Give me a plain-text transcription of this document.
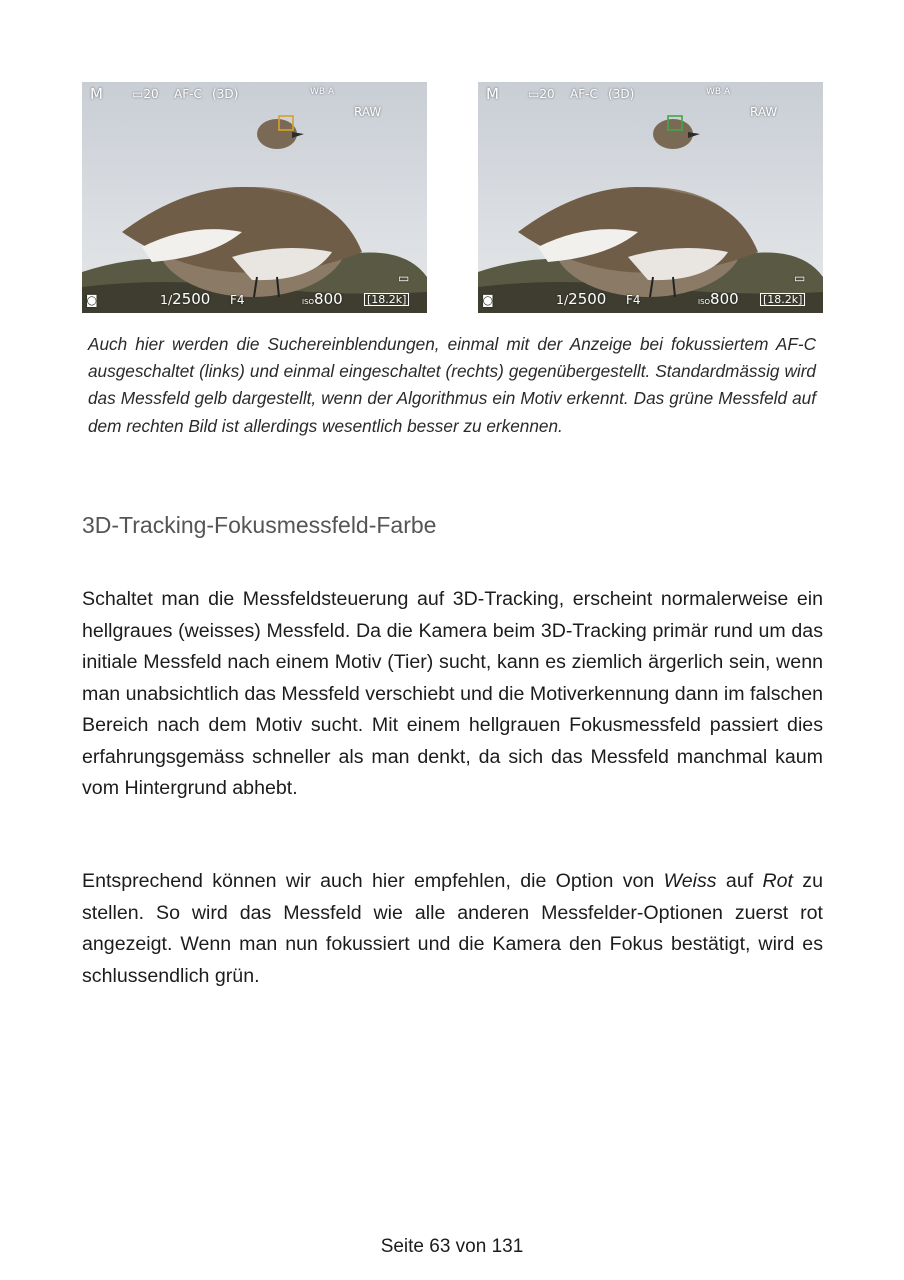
M ▭20 AF-C (3D)	WB A
RAW
◙	1/2500 F4	ISO800 [18.2k]
▭
M ▭20 AF-C (3D)	WB A
RAW
◙	1/2500 F4	ISO800 [18.2k]
▭

Auch hier werden die Suchereinblendungen, einmal mit der Anzeige bei fokussiertem AF-C ausgeschaltet (links) und einmal eingeschaltet (rechts) gegenübergestellt. Standardmässig wird das Messfeld gelb dargestellt, wenn der Algorithmus ein Motiv erkennt. Das grüne Messfeld auf dem rechten Bild ist allerdings wesentlich besser zu erkennen.

3D-Tracking-Fokusmessfeld-Farbe

Schaltet man die Messfeldsteuerung auf 3D-Tracking, erscheint normalerweise ein hellgraues (weisses) Messfeld. Da die Kamera beim 3D-Tracking primär rund um das initiale Messfeld nach einem Motiv (Tier) sucht, kann es ziemlich ärgerlich sein, wenn man unabsichtlich das Messfeld verschiebt und die Motiverkennung dann im falschen Bereich nach dem Motiv sucht. Mit einem hellgrauen Fokusmessfeld passiert dies erfahrungsgemäss schneller als man denkt, da sich das Messfeld manchmal kaum vom Hintergrund abhebt.

Entsprechend können wir auch hier empfehlen, die Option von Weiss auf Rot zu stellen. So wird das Messfeld wie alle anderen Messfelder-Optionen zuerst rot angezeigt. Wenn man nun fokussiert und die Kamera den Fokus bestätigt, wird es schlussendlich grün.

Seite 63 von 131
